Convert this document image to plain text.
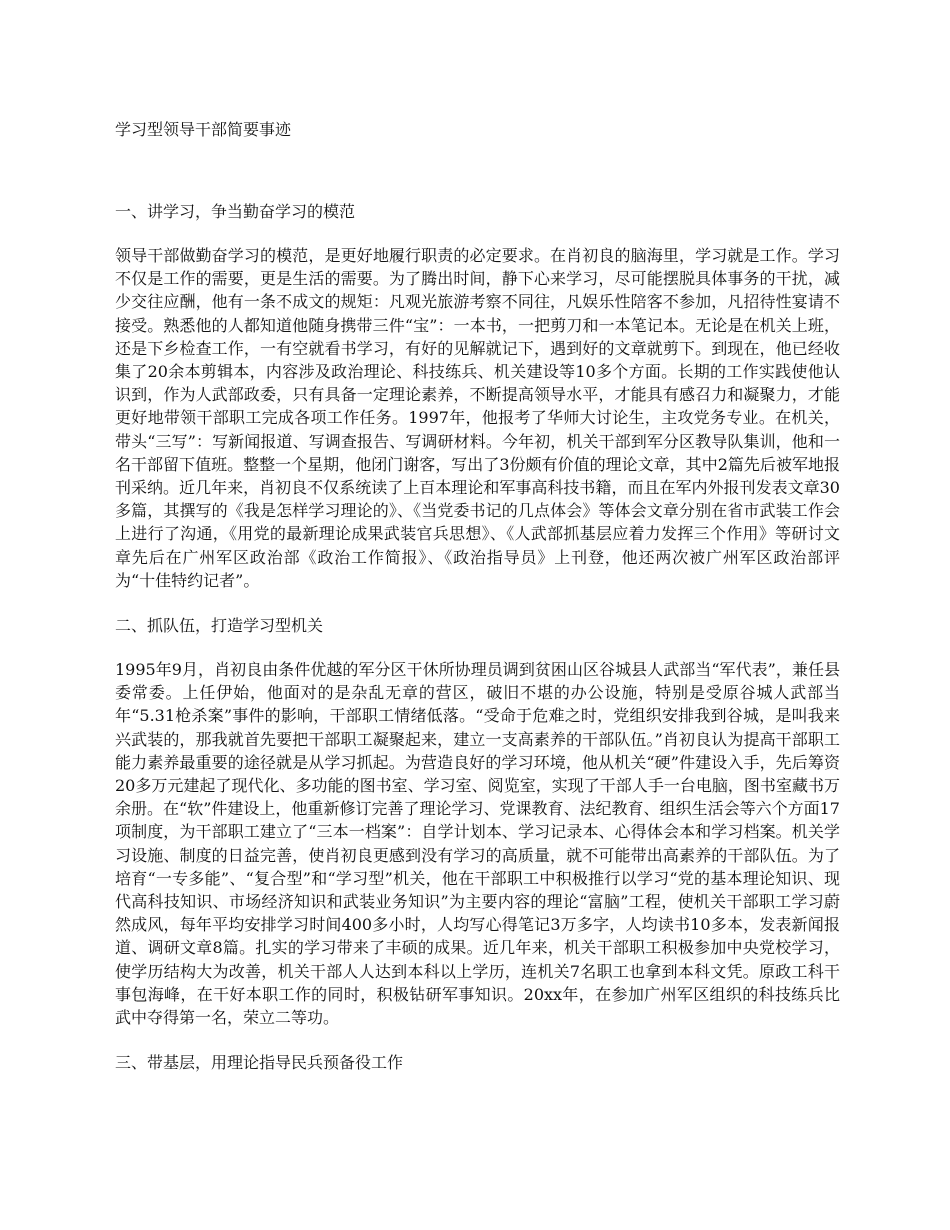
学习型领导干部简要事迹
一、讲学习，争当勤奋学习的模范

领导干部做勤奋学习的模范，是更好地履行职责的必定要求。在肖初良的脑海里，学习就是工作。学习不仅是工作的需要，更是生活的需要。为了腾出时间，静下心来学习，尽可能摆脱具体事务的干扰，减少交往应酬，他有一条不成文的规矩：凡观光旅游考察不同往，凡娱乐性陪客不参加，凡招待性宴请不接受。熟悉他的人都知道他随身携带三件“宝”：一本书，一把剪刀和一本笔记本。无论是在机关上班，还是下乡检查工作，一有空就看书学习，有好的见解就记下，遇到好的文章就剪下。到现在，他已经收集了20余本剪辑本，内容涉及政治理论、科技练兵、机关建设等10多个方面。长期的工作实践使他认识到，作为人武部政委，只有具备一定理论素养，不断提高领导水平，才能具有感召力和凝聚力，才能更好地带领干部职工完成各项工作任务。1997年，他报考了华师大讨论生，主攻党务专业。在机关，带头“三写”：写新闻报道、写调查报告、写调研材料。今年初，机关干部到军分区教导队集训，他和一名干部留下值班。整整一个星期，他闭门谢客，写出了3份颇有价值的理论文章，其中2篇先后被军地报刊采纳。近几年来，肖初良不仅系统读了上百本理论和军事高科技书籍，而且在军内外报刊发表文章30多篇，其撰写的《我是怎样学习理论的》、《当党委书记的几点体会》等体会文章分别在省市武装工作会上进行了沟通，《用党的最新理论成果武装官兵思想》、《人武部抓基层应着力发挥三个作用》等研讨文章先后在广州军区政治部《政治工作简报》、《政治指导员》上刊登，他还两次被广州军区政治部评为“十佳特约记者”。

二、抓队伍，打造学习型机关

1995年9月，肖初良由条件优越的军分区干休所协理员调到贫困山区谷城县人武部当“军代表”，兼任县委常委。上任伊始，他面对的是杂乱无章的营区，破旧不堪的办公设施，特别是受原谷城人武部当年“5.31枪杀案”事件的影响，干部职工情绪低落。“受命于危难之时，党组织安排我到谷城，是叫我来兴武装的，那我就首先要把干部职工凝聚起来，建立一支高素养的干部队伍。”肖初良认为提高干部职工能力素养最重要的途径就是从学习抓起。为营造良好的学习环境，他从机关“硬”件建设入手，先后筹资20多万元建起了现代化、多功能的图书室、学习室、阅览室，实现了干部人手一台电脑，图书室藏书万余册。在“软”件建设上，他重新修订完善了理论学习、党课教育、法纪教育、组织生活会等六个方面17项制度，为干部职工建立了“三本一档案”：自学计划本、学习记录本、心得体会本和学习档案。机关学习设施、制度的日益完善，使肖初良更感到没有学习的高质量，就不可能带出高素养的干部队伍。为了培育“一专多能”、“复合型”和“学习型”机关，他在干部职工中积极推行以学习“党的基本理论知识、现代高科技知识、市场经济知识和武装业务知识”为主要内容的理论“富脑”工程，使机关干部职工学习蔚然成风，每年平均安排学习时间400多小时，人均写心得笔记3万多字，人均读书10多本，发表新闻报道、调研文章8篇。扎实的学习带来了丰硕的成果。近几年来，机关干部职工积极参加中央党校学习，使学历结构大为改善，机关干部人人达到本科以上学历，连机关7名职工也拿到本科文凭。原政工科干事包海峰，在干好本职工作的同时，积极钻研军事知识。20xx年，在参加广州军区组织的科技练兵比武中夺得第一名，荣立二等功。

三、带基层，用理论指导民兵预备役工作
